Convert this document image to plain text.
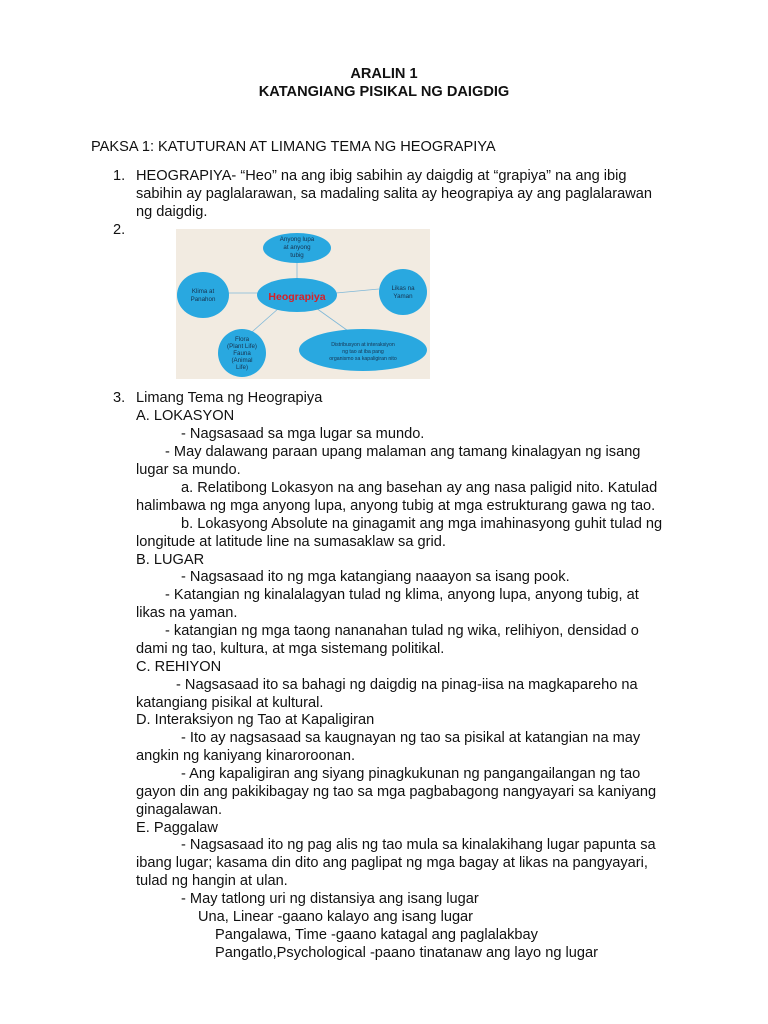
ARALIN 1
KATANGIANG PISIKAL NG DAIGDIG
PAKSA 1: KATUTURAN AT LIMANG TEMA NG HEOGRAPIYA
1. HEOGRAPIYA- “Heo” na ang ibig sabihin ay daigdig at “grapiya” na ang ibig
sabihin ay paglalarawan, sa madaling salita ay heograpiya ay ang paglalarawan
ng daigdig.
2.
Heograpiya
Anyong lupa
at anyong
tubig
Klima at
Panahon
Likas na
Yaman
Flora
(Plant Life)
Fauna
(Animal
Life)
Distribusyon at interaksiyon
ng tao at iba pang
organismo sa kapaligiran nito
3. Limang Tema ng Heograpiya
A. LOKASYON
- Nagsasaad sa mga lugar sa mundo.
- May dalawang paraan upang malaman ang tamang kinalagyan ng isang
lugar sa mundo.
a. Relatibong Lokasyon na ang basehan ay ang nasa paligid nito. Katulad
halimbawa ng mga anyong lupa, anyong tubig at mga estrukturang gawa ng tao.
b. Lokasyong Absolute na ginagamit ang mga imahinasyong guhit tulad ng
longitude at latitude line na sumasaklaw sa grid.
B. LUGAR
- Nagsasaad ito ng mga katangiang naaayon sa isang pook.
- Katangian ng kinalalagyan tulad ng klima, anyong lupa, anyong tubig, at
likas na yaman.
- katangian ng mga taong nananahan tulad ng wika, relihiyon, densidad o
dami ng tao, kultura, at mga sistemang politikal.
C. REHIYON
- Nagsasaad ito sa bahagi ng daigdig na pinag-iisa na magkapareho na
katangiang pisikal at kultural.
D. Interaksiyon ng Tao at Kapaligiran
- Ito ay nagsasaad sa kaugnayan ng tao sa pisikal at katangian na may
angkin ng kaniyang kinaroroonan.
- Ang kapaligiran ang siyang pinagkukunan ng pangangailangan ng tao
gayon din ang pakikibagay ng tao sa mga pagbabagong nangyayari sa kaniyang
ginagalawan.
E. Paggalaw
- Nagsasaad ito ng pag alis ng tao mula sa kinalakihang lugar papunta sa
ibang lugar; kasama din dito ang paglipat ng mga bagay at likas na pangyayari,
tulad ng hangin at ulan.
- May tatlong uri ng distansiya ang isang lugar
Una, Linear -gaano kalayo ang isang lugar
Pangalawa, Time -gaano katagal ang paglalakbay
Pangatlo,Psychological -paano tinatanaw ang layo ng lugar
